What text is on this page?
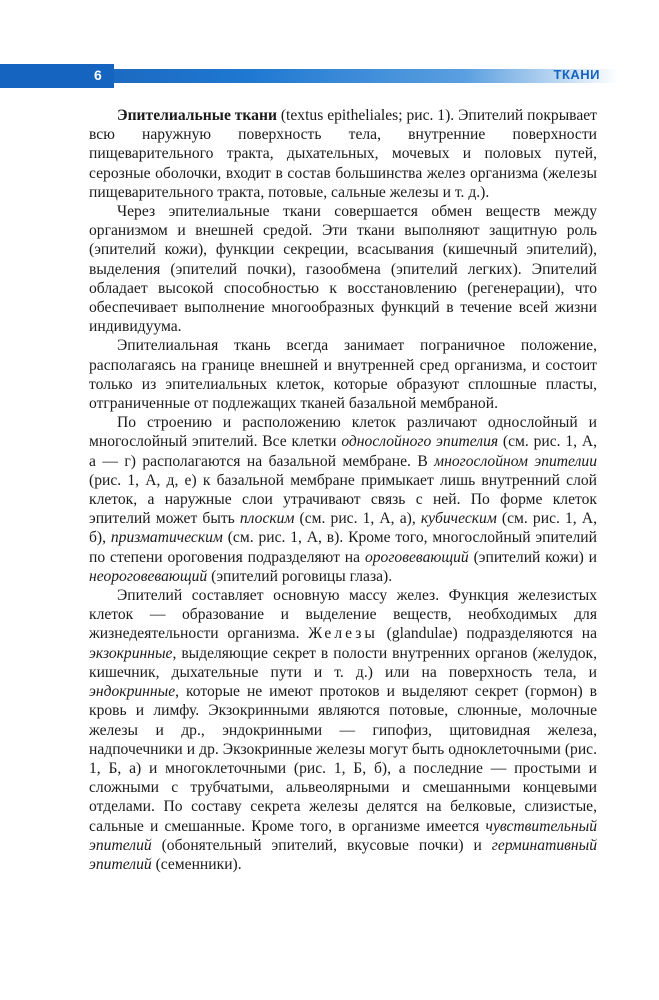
6	ТКАНИ

Эпителиальные ткани (textus epitheliales; рис. 1). Эпителий покрывает всю наружную поверхность тела, внутренние поверхности пищеварительного тракта, дыхательных, мочевых и половых путей, серозные оболочки, входит в состав большинства желез организма (железы пищеварительного тракта, потовые, сальные железы и т. д.).

Через эпителиальные ткани совершается обмен веществ между организмом и внешней средой. Эти ткани выполняют защитную роль (эпителий кожи), функции секреции, всасывания (кишечный эпителий), выделения (эпителий почки), газообмена (эпителий легких). Эпителий обладает высокой способностью к восстановлению (регенерации), что обеспечивает выполнение многообразных функций в течение всей жизни индивидуума.

Эпителиальная ткань всегда занимает пограничное положение, располагаясь на границе внешней и внутренней сред организма, и состоит только из эпителиальных клеток, которые образуют сплошные пласты, отграниченные от подлежащих тканей базальной мембраной.

По строению и расположению клеток различают однослойный и многослойный эпителий. Все клетки однослойного эпителия (см. рис. 1, А, а — г) располагаются на базальной мембране. В многослойном эпителии (рис. 1, А, д, е) к базальной мембране примыкает лишь внутренний слой клеток, а наружные слои утрачивают связь с ней. По форме клеток эпителий может быть плоским (см. рис. 1, А, а), кубическим (см. рис. 1, А, б), призматическим (см. рис. 1, А, в). Кроме того, многослойный эпителий по степени ороговения подразделяют на ороговевающий (эпителий кожи) и неороговевающий (эпителий роговицы глаза).

Эпителий составляет основную массу желез. Функция железистых клеток — образование и выделение веществ, необходимых для жизнедеятельности организма. Железы (glandulae) подразделяются на экзокринные, выделяющие секрет в полости внутренних органов (желудок, кишечник, дыхательные пути и т. д.) или на поверхность тела, и эндокринные, которые не имеют протоков и выделяют секрет (гормон) в кровь и лимфу. Экзокринными являются потовые, слюнные, молочные железы и др., эндокринными — гипофиз, щитовидная железа, надпочечники и др. Экзокринные железы могут быть одноклеточными (рис. 1, Б, а) и многоклеточными (рис. 1, Б, б), а последние — простыми и сложными с трубчатыми, альвеолярными и смешанными концевыми отделами. По составу секрета железы делятся на белковые, слизистые, сальные и смешанные. Кроме того, в организме имеется чувствительный эпителий (обонятельный эпителий, вкусовые почки) и герминативный эпителий (семенники).
